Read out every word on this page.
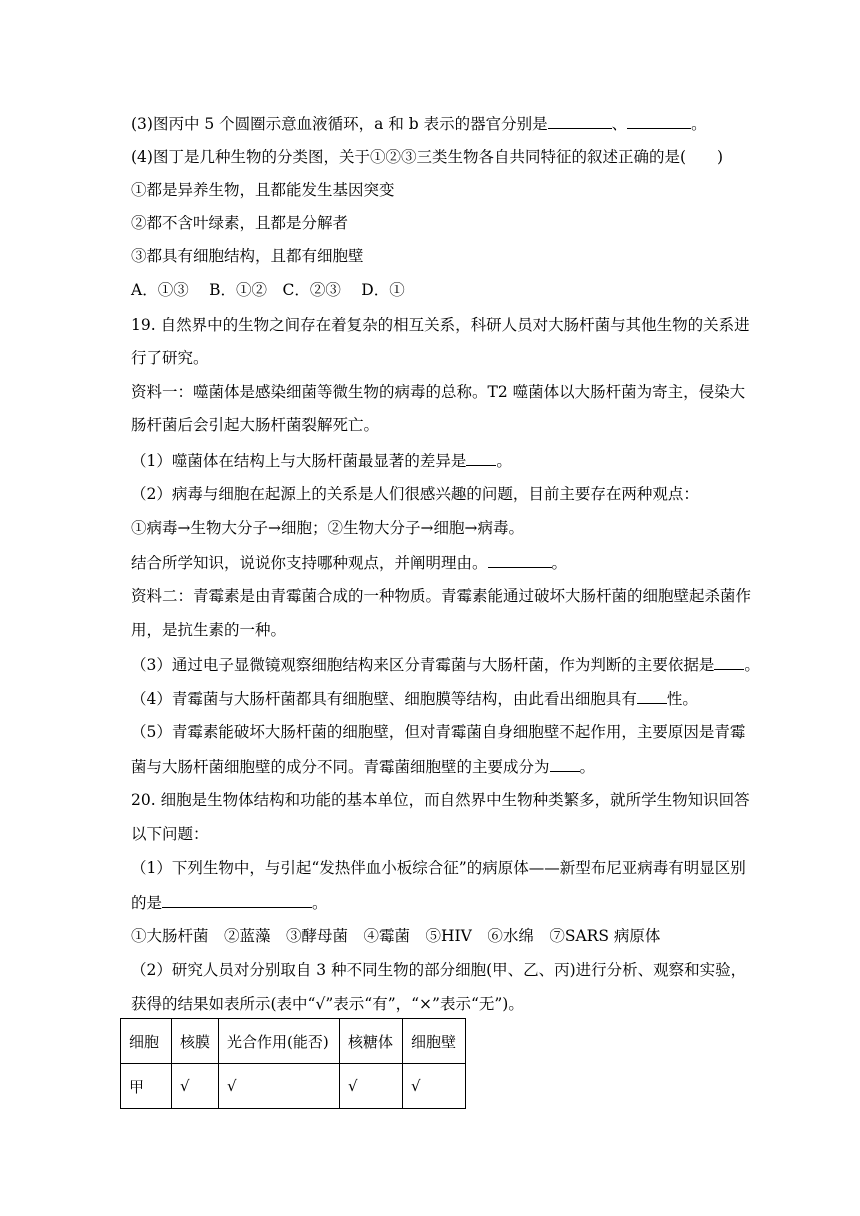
(3)图丙中 5 个圆圈示意血液循环，a 和 b 表示的器官分别是	、	。
(4)图丁是几种生物的分类图，关于①②③三类生物各自共同特征的叙述正确的是(　　)
①都是异养生物，且都能发生基因突变
②都不含叶绿素，且都是分解者
③都具有细胞结构，且都有细胞壁
A．①③　 B．①②　C．②③　 D．①
19. 自然界中的生物之间存在着复杂的相互关系，科研人员对大肠杆菌与其他生物的关系进
行了研究。
资料一：噬菌体是感染细菌等微生物的病毒的总称。T2 噬菌体以大肠杆菌为寄主，侵染大
肠杆菌后会引起大肠杆菌裂解死亡。
（1）噬菌体在结构上与大肠杆菌最显著的差异是 。
（2）病毒与细胞在起源上的关系是人们很感兴趣的问题，目前主要存在两种观点：
①病毒→生物大分子→细胞；②生物大分子→细胞→病毒。
结合所学知识，说说你支持哪种观点，并阐明理由。	。
资料二：青霉素是由青霉菌合成的一种物质。青霉素能通过破坏大肠杆菌的细胞壁起杀菌作
用，是抗生素的一种。
（3）通过电子显微镜观察细胞结构来区分青霉菌与大肠杆菌，作为判断的主要依据是 。
（4）青霉菌与大肠杆菌都具有细胞壁、细胞膜等结构，由此看出细胞具有 性。
（5）青霉素能破坏大肠杆菌的细胞壁，但对青霉菌自身细胞壁不起作用，主要原因是青霉
菌与大肠杆菌细胞壁的成分不同。青霉菌细胞壁的主要成分为 。
20. 细胞是生物体结构和功能的基本单位，而自然界中生物种类繁多，就所学生物知识回答
以下问题：
（1）下列生物中，与引起“发热伴血小板综合征”的病原体——新型布尼亚病毒有明显区别
的是	。
①大肠杆菌　②蓝藻　③酵母菌　④霉菌　⑤HIV　⑥水绵　⑦SARS 病原体
（2）研究人员对分别取自 3 种不同生物的部分细胞(甲、乙、丙)进行分析、观察和实验，
获得的结果如表所示(表中“√”表示“有”，“×”表示“无”)。
细胞	核膜	光合作用(能否)	核糖体	细胞壁
甲	√	√	√	√
